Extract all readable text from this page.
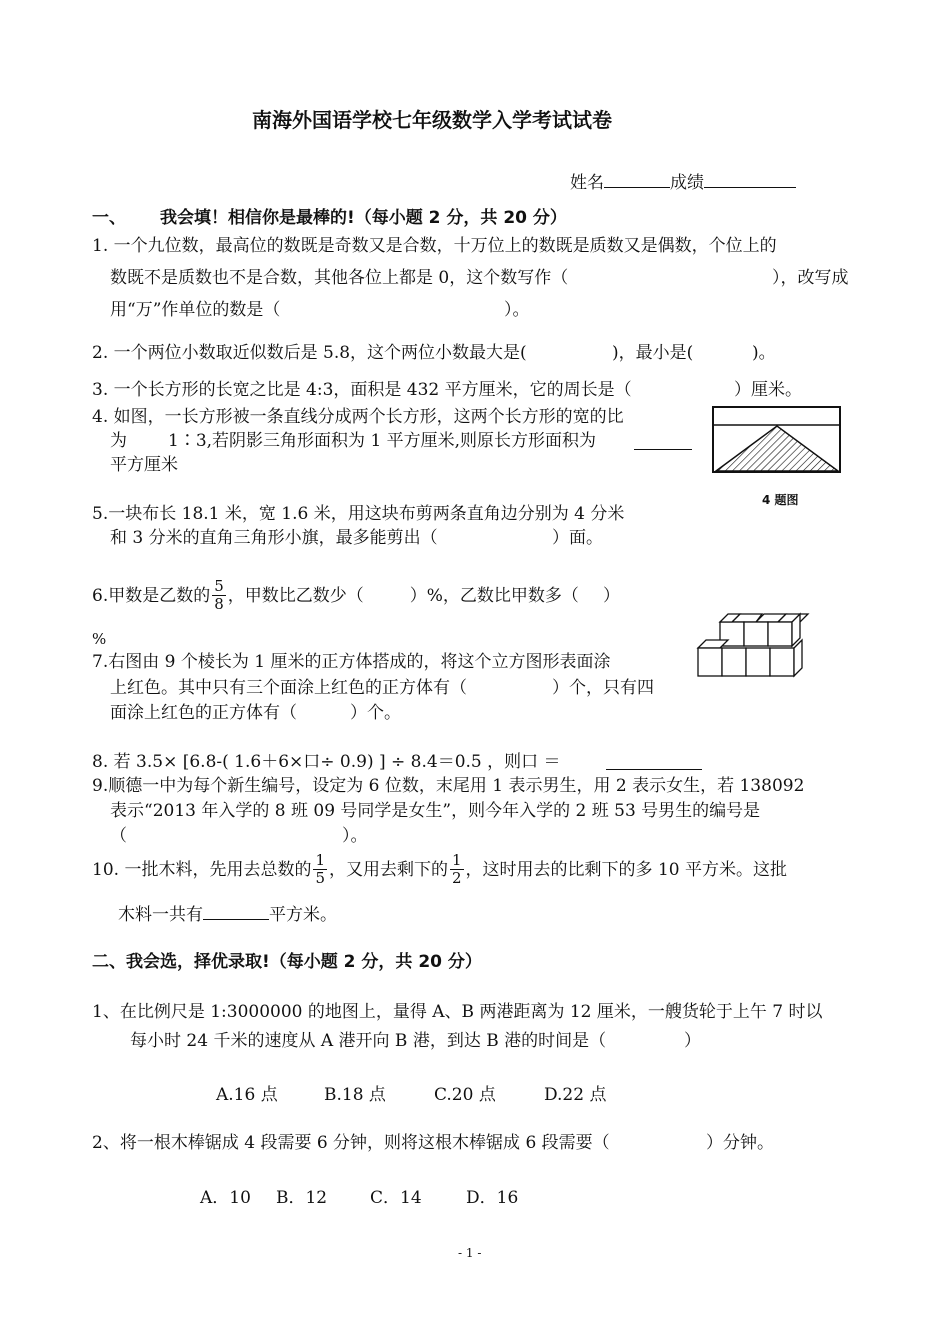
南海外国语学校七年级数学入学考试试卷
姓名	成绩
一、 我会填！相信你是最棒的!（每小题 2 分，共 20 分）
1. 一个九位数，最高位的数既是奇数又是合数，十万位上的数既是质数又是偶数，个位上的
数既不是质数也不是合数，其他各位上都是 0，这个数写作（	），改写成
用“万”作单位的数是（	）。
2. 一个两位小数取近似数后是 5.8，这个两位小数最大是(	)，最小是(	)。
3. 一个长方形的长宽之比是 4:3，面积是 432 平方厘米，它的周长是（	）厘米。
4. 如图，一长方形被一条直线分成两个长方形，这两个长方形的宽的比
为 1∶3,若阴影三角形面积为 1 平方厘米,则原长方形面积为
平方厘米
4 题图
5.一块布长 18.1 米，宽 1.6 米，用这块布剪两条直角边分别为 4 分米
和 3 分米的直角三角形小旗，最多能剪出（	）面。
6.甲数是乙数的 $\frac{5}{8}$ ，甲数比乙数少（	）%，乙数比甲数多（ ）
%
7.右图由 9 个棱长为 1 厘米的正方体搭成的，将这个立方图形表面涂
上红色。其中只有三个面涂上红色的正方体有（	）个，只有四
面涂上红色的正方体有（	）个。
8. 若 3.5× [6.8-( 1.6＋6×口÷ 0.9) ] ÷ 8.4＝0.5 ，则口 ＝
9.顺德一中为每个新生编号，设定为 6 位数，末尾用 1 表示男生，用 2 表示女生，若 138092
表示“2013 年入学的 8 班 09 号同学是女生”，则今年入学的 2 班 53 号男生的编号是
（	）。
10. 一批木料，先用去总数的 $\frac{1}{5}$ ，又用去剩下的 $\frac{1}{2}$ ，这时用去的比剩下的多 10 平方米。这批
木料一共有	平方米。
二、我会选，择优录取!（每小题 2 分，共 20 分）
1、在比例尺是 1:3000000 的地图上，量得 A、B 两港距离为 12 厘米，一艘货轮于上午 7 时以
每小时 24 千米的速度从 A 港开向 B 港，到达 B 港的时间是（	）
A.16 点	B.18 点	C.20 点	D.22 点
2、将一根木棒锯成 4 段需要 6 分钟，则将这根木棒锯成 6 段需要（	）分钟。
A．10 B．12	C．14	D．16
- 1 -
